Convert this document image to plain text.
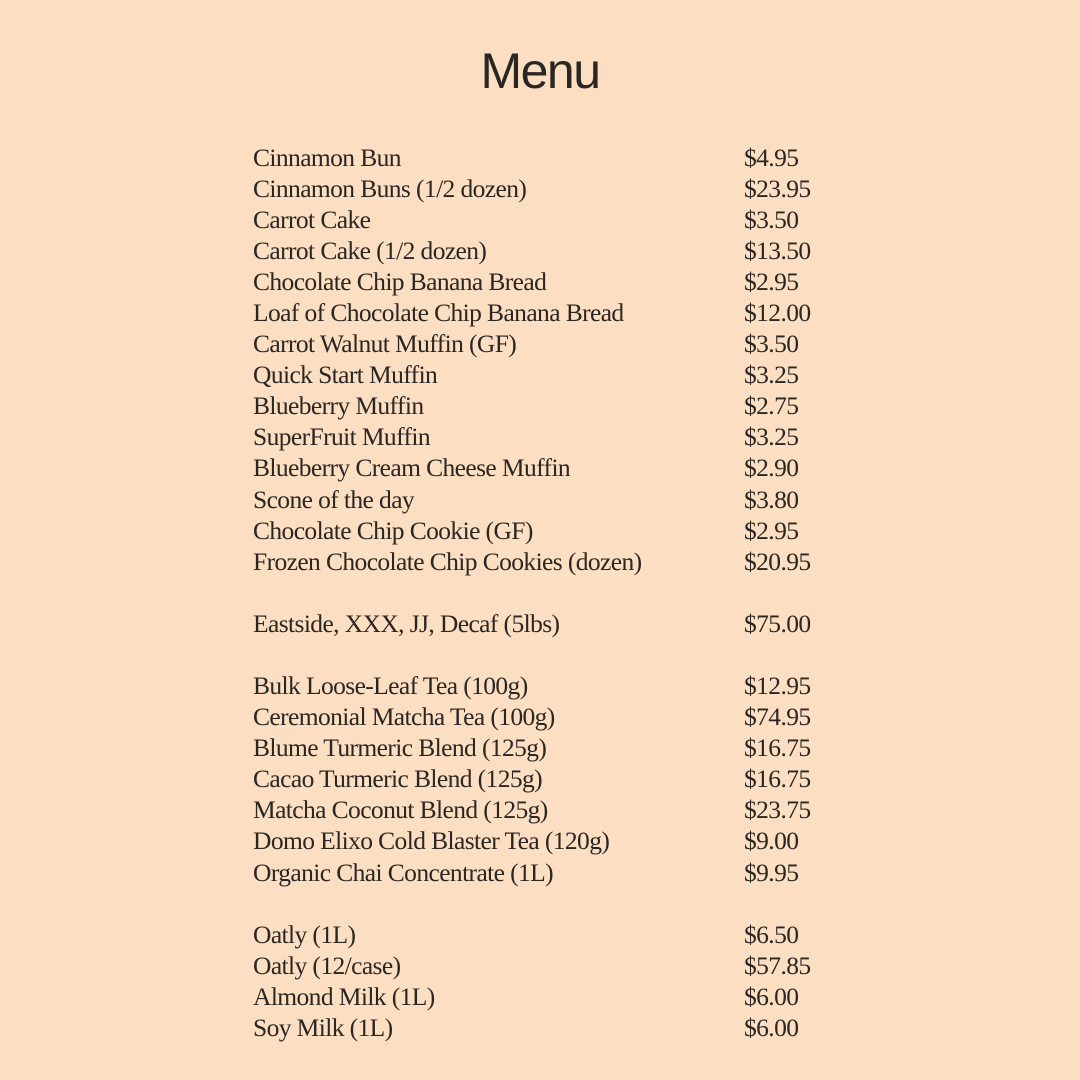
Menu
Cinnamon Bun	$4.95
Cinnamon Buns (1/2 dozen)	$23.95
Carrot Cake	$3.50
Carrot Cake (1/2 dozen)	$13.50
Chocolate Chip Banana Bread	$2.95
Loaf of Chocolate Chip Banana Bread	$12.00
Carrot Walnut Muffin (GF)	$3.50
Quick Start Muffin	$3.25
Blueberry Muffin	$2.75
SuperFruit Muffin	$3.25
Blueberry Cream Cheese Muffin	$2.90
Scone of the day	$3.80
Chocolate Chip Cookie (GF)	$2.95
Frozen Chocolate Chip Cookies (dozen)	$20.95
Eastside, XXX, JJ, Decaf (5lbs)	$75.00
Bulk Loose-Leaf Tea (100g)	$12.95
Ceremonial Matcha Tea (100g)	$74.95
Blume Turmeric Blend (125g)	$16.75
Cacao Turmeric Blend (125g)	$16.75
Matcha Coconut Blend (125g)	$23.75
Domo Elixo Cold Blaster Tea (120g)	$9.00
Organic Chai Concentrate (1L)	$9.95
Oatly (1L)	$6.50
Oatly (12/case)	$57.85
Almond Milk (1L)	$6.00
Soy Milk (1L)	$6.00
